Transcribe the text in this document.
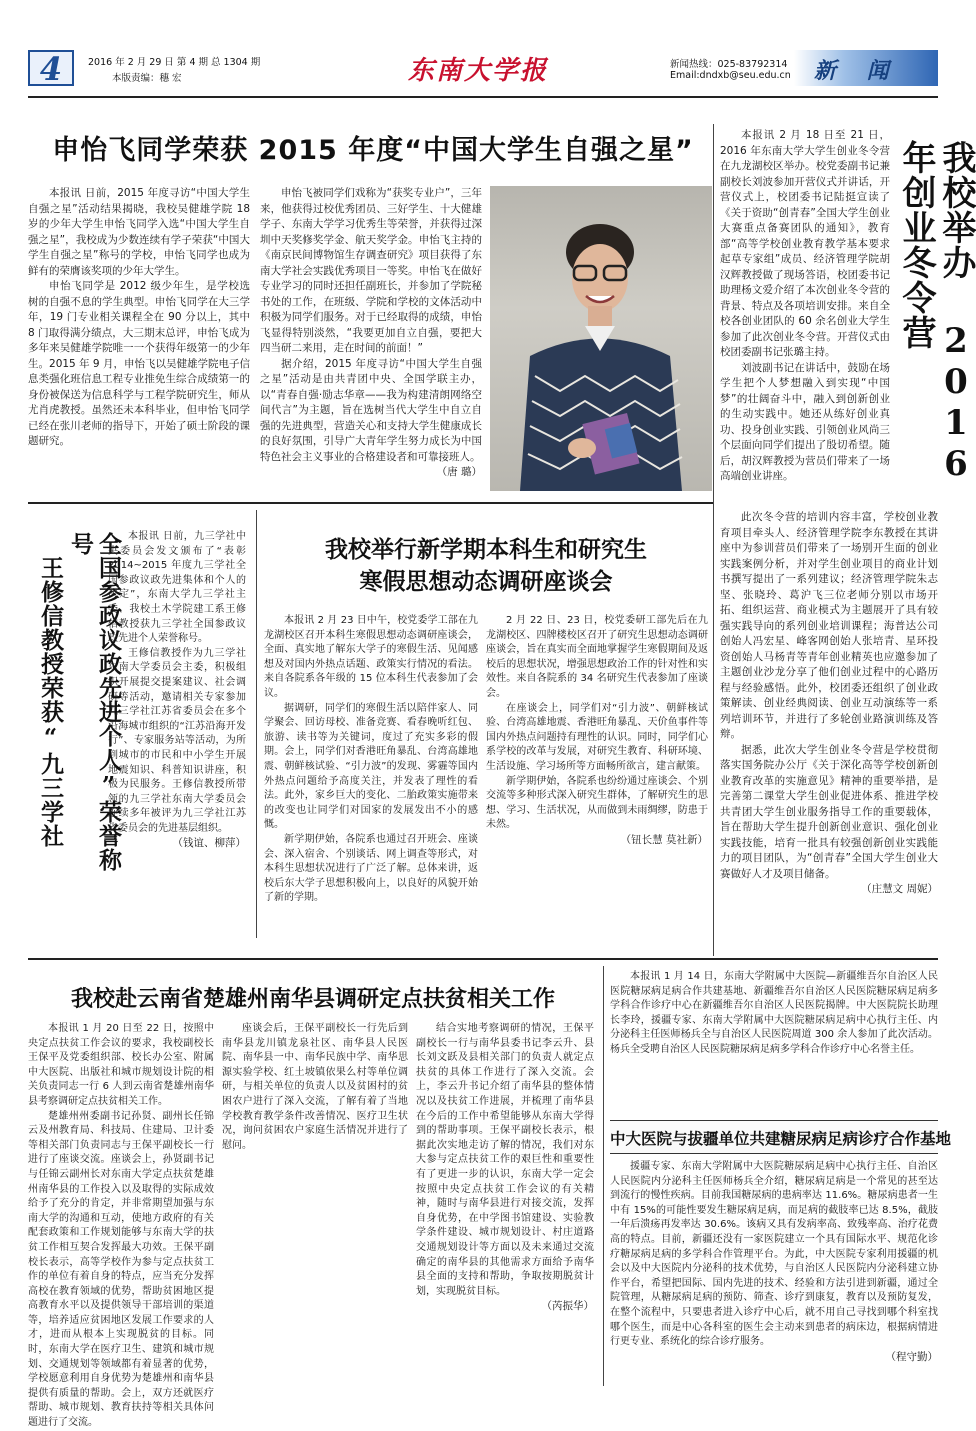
4	2016 年 2 月 29 日 第 4 期 总 1304 期
本版责编：穗 宏	东南大学报	新闻热线：025-83792314
Email:dndxb@seu.edu.cn 新    闻
申怡飞同学荣获 2015 年度“中国大学生自强之星”

本报讯 日前，2015 年度寻访“中国大学生自强之星”活动结果揭晓，我校吴健雄学院 18 岁的少年大学生申怡飞同学入选“中国大学生自强之星”，我校成为少数连续有学子荣获“中国大学生自强之星”称号的学校，申怡飞同学也成为鲜有的荣膺该奖项的少年大学生。

申怡飞同学是 2012 级少年生，是学校选树的自强不息的学生典型。申怡飞同学在大三学年，19 门专业相关课程全在 90 分以上，其中 8 门取得满分绩点，大三期末总评，申怡飞成为多年来吴健雄学院唯一一个获得年级第一的少年生。2015 年 9 月，申怡飞以吴健雄学院电子信息类强化班信息工程专业推免生综合成绩第一的身份被保送为信息科学与工程学院研究生，师从尤肖虎教授。虽然还未本科毕业，但申怡飞同学已经在张川老师的指导下，开始了硕士阶段的课题研究。

申怡飞被同学们戏称为“获奖专业户”，三年来，他获得过校优秀团员、三好学生、十大健雄学子、东南大学学习优秀生等荣誉，并获得过深圳中天奖修奖学金、航天奖学金。申怡飞主持的《南京民间博物馆生存调查研究》项目获得了东南大学社会实践优秀项目一等奖。申怡飞在做好专业学习的同时还担任副班长，并参加了学院秘书处的工作，在班级、学院和学校的文体活动中积极为同学们服务。对于已经取得的成绩，申怡飞显得特别淡然，“我要更加自立自强，要把大四当研二来用，走在时间的前面！”

据介绍，2015 年度寻访“中国大学生自强之星”活动是由共青团中央、全国学联主办，以“青春自强·励志华章——我为构建清朗网络空间代言”为主题，旨在选树当代大学生中自立自强的先进典型，营造关心和支持大学生健康成长的良好氛围，引导广大青年学生努力成长为中国特色社会主义事业的合格建设者和可靠接班人。

（唐 璐）

本报讯 2 月 18 日至 21 日，2016 年东南大学大学生创业冬令营在九龙湖校区举办。校党委副书记兼副校长刘波参加开营仪式并讲话，开营仪式上，校团委书记陆挺宣读了《关于资助“创青春”全国大学生创业大赛重点备赛团队的通知》，教育部“高等学校创业教育教学基本要求起草专家组”成员、经济管理学院胡汉辉教授做了现场答语，校团委书记助理杨文爱介绍了本次创业冬令营的背景、特点及各项培训安排。来自全校各创业团队的 60 余名创业大学生参加了此次创业冬令营。开营仪式由校团委副书记张璐主持。

刘波副书记在讲话中，鼓励在场学生把个人梦想融入到实现“中国梦”的壮阔奋斗中，融入到创新创业的生动实践中。她还从练好创业真功、投身创业实践、引领创业风尚三个层面向同学们提出了殷切希望。随后，胡汉辉教授为营员们带来了一场高端创业讲座。	我校举办 2016 年创业冬令营

此次冬令营的培训内容丰富，学校创业教育项目牵头人、经济管理学院李东教授在其讲座中为参训营员们带来了一场别开生面的创业实践案例分析，并对学生创业项目的商业计划书撰写提出了一系列建议；经济管理学院朱志坚、张晓玲、葛沪飞三位老师分别以市场开拓、组织运营、商业模式为主题展开了具有较强实践导向的系列创业培训课程；海普达公司创始人冯宏星、峰客网创始人张培青、星环投资创始人马杨青等青年创业精英也应邀参加了主题创业沙龙分享了他们创业过程中的心路历程与经验感悟。此外，校团委还组织了创业政策解读、创业经典阅读、创业互动演练等一系列培训环节，并进行了多轮创业路演训练及答辩。

据悉，此次大学生创业冬令营是学校贯彻落实国务院办公厅《关于深化高等学校创新创业教育改革的实施意见》精神的重要举措，是完善第二课堂大学生创业促进体系、推进学校共青团大学生创业服务指导工作的重要载体，旨在帮助大学生提升创新创业意识、强化创业实践技能，培育一批具有较强创新创业实践能力的项目团队，为“创青春”全国大学生创业大赛做好人才及项目储备。

（庄慧文 周妮）
全国参政议政先进个人”荣誉称号
王修信教授荣获“九三学社

本报讯 日前，九三学社中央委员会发文颁布了“表彰 2014~2015 年度九三学社全国参政议政先进集体和个人的决定”，东南大学九三学社主委、我校土木学院建工系王修信教授获九三学社全国参政议政先进个人荣誉称号。

王修信教授作为九三学社东南大学委员会主委，积极组织开展提交提案建议、社会调研等活动，邀请相关专家参加九三学社江苏省委员会在多个沿海城市组织的“江苏沿海开发行”、专家服务站等活动，为所到城市的市民和中小学生开展地震知识、科普知识讲座，积极为民服务。王修信教授所带领的九三学社东南大学委员会连续多年被评为九三学社江苏省委员会的先进基层组织。

（钱谊、柳萍）
我校举行新学期本科生和研究生
寒假思想动态调研座谈会

本报讯 2 月 23 日中午，校党委学工部在九龙湖校区召开本科生寒假思想动态调研座谈会，全面、真实地了解东大学子的寒假生活、见闻感想及对国内外热点话题、政策实行情况的看法。来自各院系各年级的 15 位本科生代表参加了会议。

据调研，同学们的寒假生活以陪伴家人、同学聚会、回访母校、准备竞赛、看春晚听红包、旅游、读书等为关键词，度过了充实多彩的假期。会上，同学们对香港旺角暴乱、台湾高雄地震、朝鲜核试验、“引力波”的发现、雾霾等国内外热点问题给予高度关注，并发表了理性的看法。此外，家乡巨大的变化、二胎政策实施带来的改变也让同学们对国家的发展发出不小的感慨。

新学期伊始，各院系也通过召开班会、座谈会、深入宿舍、个别谈话、网上调查等形式，对本科生思想状况进行了广泛了解。总体来讲，返校后东大学子思想积极向上，以良好的风貌开始了新的学期。

2 月 22 日、23 日，校党委研工部先后在九龙湖校区、四牌楼校区召开了研究生思想动态调研座谈会，旨在真实而全面地掌握学生寒假期间及返校后的思想状况，增强思想政治工作的针对性和实效性。来自各院系的 34 名研究生代表参加了座谈会。

在座谈会上，同学们对“引力波”、朝鲜核试验、台湾高雄地震、香港旺角暴乱、天价鱼事件等国内外热点问题持有理性的认识。同时，同学们心系学校的改革与发展，对研究生教育、科研环境、生活设施、学习场所等方面畅所欲言，建言献策。

新学期伊始，各院系也纷纷通过座谈会、个别交流等多种形式深入研究生群体，了解研究生的思想、学习、生活状况，从而做到未雨绸缪，防患于未然。

（钮长慧 莫社新）
我校赴云南省楚雄州南华县调研定点扶贫相关工作

本报讯 1 月 20 日至 22 日，按照中央定点扶贫工作会议的要求，我校副校长王保平及党委组织部、校长办公室、附属中大医院、出版社和城市规划设计院的相关负责同志一行 6 人到云南省楚雄州南华县考察调研定点扶贫相关工作。

楚雄州州委副书记孙贤、副州长任锦云及州教育局、科技局、住建局、卫计委等相关部门负责同志与王保平副校长一行进行了座谈交流。座谈会上，孙贤副书记与任锦云副州长对东南大学定点扶贫楚雄州南华县的工作投入以及取得的实际成效给予了充分的肯定，并非常期望加强与东南大学的沟通和互动，使地方政府的有关配套政策和工作规划能够与东南大学的扶贫工作相互契合发挥最大功效。王保平副校长表示，高等学校作为参与定点扶贫工作的单位有着自身的特点，应当充分发挥高校在教育领域的优势，帮助贫困地区提高教育水平以及提供领导干部培训的渠道等，培养适应贫困地区发展工作要求的人才，进而从根本上实现脱贫的目标。同时，东南大学在医疗卫生、建筑和城市规划、交通规划等领域都有着显著的优势，学校愿意利用自身优势为楚雄州和南华县提供有质量的帮助。会上，双方还就医疗帮助、城市规划、教育扶持等相关具体问题进行了交流。

座谈会后，王保平副校长一行先后到南华县龙川镇龙泉社区、南华县人民医院、南华县一中、南华民族中学、南华思源实验学校、红土坡镇依果么村等单位调研，与相关单位的负责人以及贫困村的贫困农户进行了深入交流，了解有着了当地学校教育教学条件改善情况、医疗卫生状况，询问贫困农户家庭生活情况并进行了慰问。

结合实地考察调研的情况，王保平副校长一行与南华县委书记李云升、县长刘文跃及县相关部门的负责人就定点扶贫的具体工作进行了深入交流。会上，李云升书记介绍了南华县的整体情况以及扶贫工作进展，并梳理了南华县在今后的工作中希望能够从东南大学得到的帮助事项。王保平副校长表示，根据此次实地走访了解的情况，我们对东大参与定点扶贫工作的艰巨性和重要性有了更进一步的认识，东南大学一定会按照中央定点扶贫工作会议的有关精神，随时与南华县进行对接交流，发挥自身优势，在中学图书馆建设、实验教学条件建设、城市规划设计、村庄道路交通规划设计等方面以及未来通过交流确定的南华县的其他需求方面给予南华县全面的支持和帮助，争取按期脱贫计划，实现脱贫目标。

（芮振华）

本报讯 1 月 14 日，东南大学附属中大医院—新疆维吾尔自治区人民医院糖尿病足病合作共建基地、新疆维吾尔自治区人民医院糖尿病足病多学科合作诊疗中心在新疆维吾尔自治区人民医院揭牌。中大医院院长助理长李玲，援疆专家、东南大学附属中大医院糖尿病足病中心执行主任、内分泌科主任医师杨兵全与自治区人民医院周道 300 余人参加了此次活动。杨兵全受聘自治区人民医院糖尿病足病多学科合作诊疗中心名誉主任。

中大医院与拔疆单位共建糖尿病足病诊疗合作基地

援疆专家、东南大学附属中大医院糖尿病足病中心执行主任、自治区人民医院内分泌科主任医师杨兵全介绍，糖尿病足病是一个常见的甚至达到流行的慢性疾病。目前我国糖尿病的患病率达 11.6%。糖尿病患者一生中有 15%的可能性要发生糖尿病足病，而足病的截肢率已达 8.5%，截肢一年后溃疡再发率达 30.6%。该病又具有发病率高、致残率高、治疗花费高的特点。目前，新疆还没有一家医院建立一个具有国际水平、规范化诊疗糖尿病足病的多学科合作管理平台。为此，中大医院专家利用援疆的机会以及中大医院内分泌科的技术优势，与自治区人民医院内分泌科建立协作平台，希望把国际、国内先进的技术、经验和方法引进到新疆，通过全院管理，从糖尿病足病的预防、筛查、诊疗到康复，教育以及预防复发，在整个流程中，只要患者进入诊疗中心后，就不用自己寻找到哪个科室找哪个医生，而是中心各科室的医生会主动来到患者的病床边，根据病情进行更专业、系统化的综合诊疗服务。

（程守勤）
